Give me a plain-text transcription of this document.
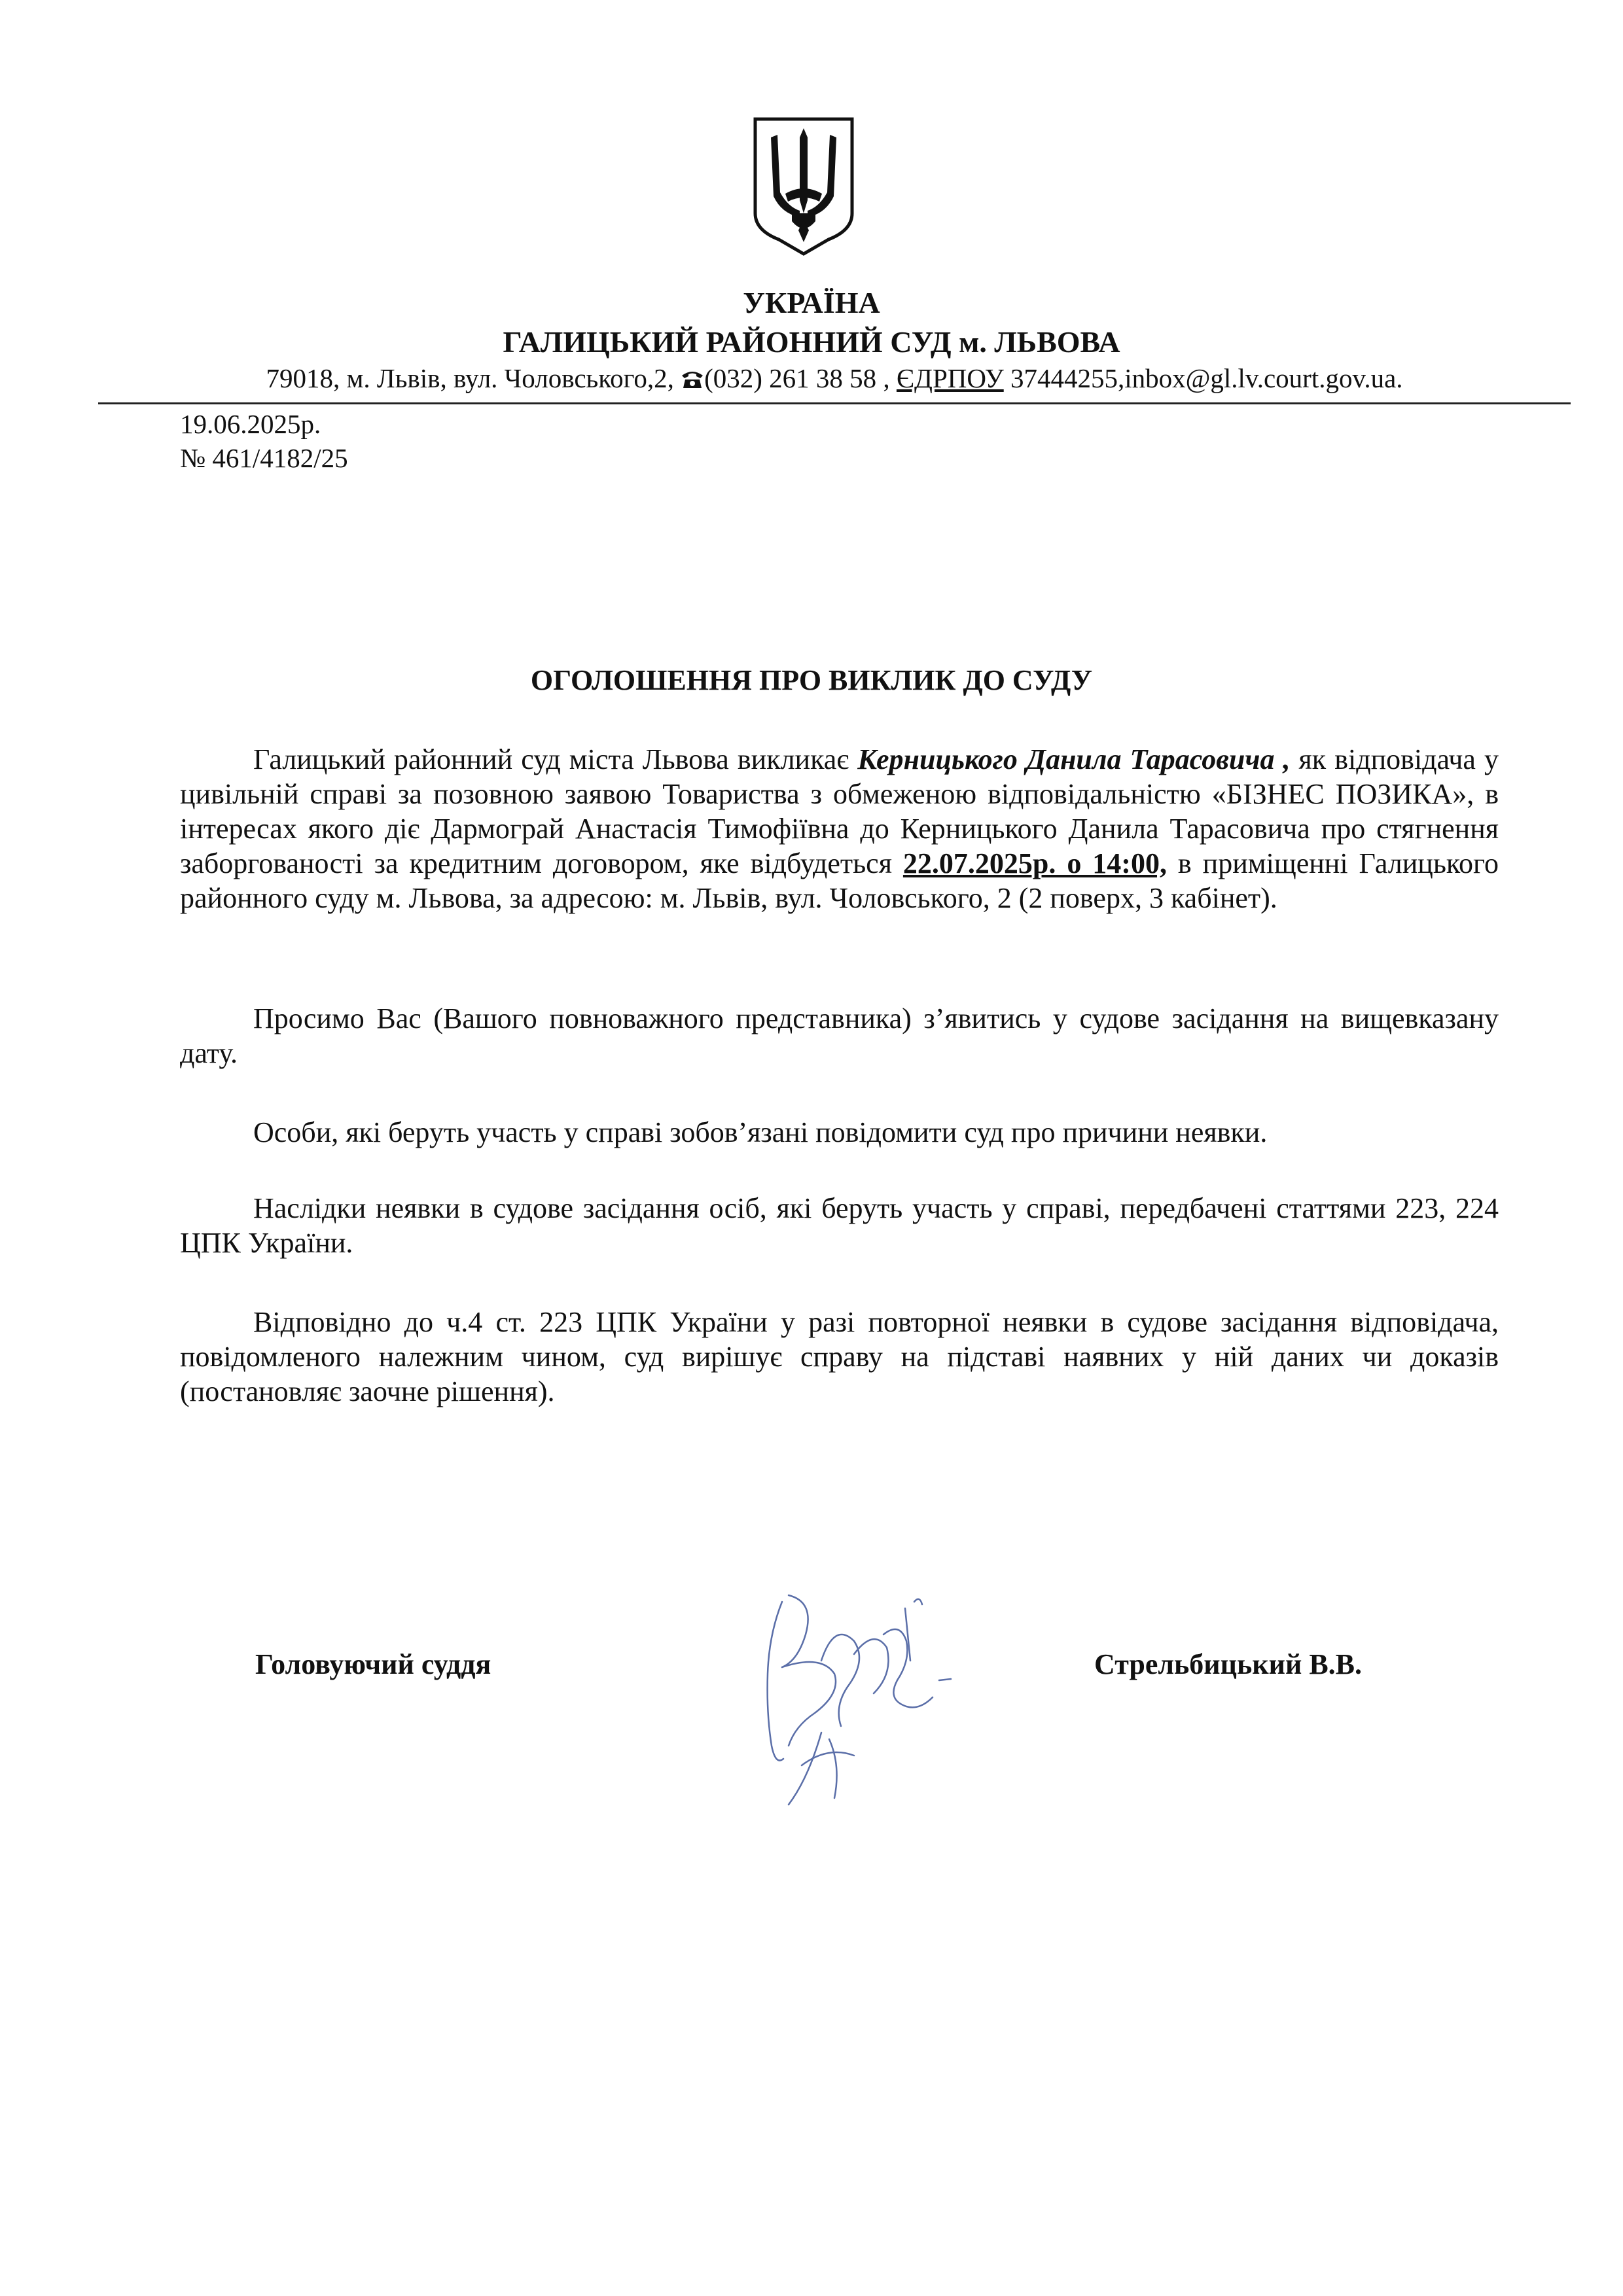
УКРАЇНА
ГАЛИЦЬКИЙ РАЙОННИЙ СУД м. ЛЬВОВА
79018, м. Львів, вул. Чоловського,2, (032) 261 38 58 , ЄДРПОУ 37444255,inbox@gl.lv.court.gov.ua.
19.06.2025р.
№ 461/4182/25
ОГОЛОШЕННЯ ПРО ВИКЛИК ДО СУДУ
Галицький районний суд міста Львова викликає Керницького Данила Тарасовича , як відповідача у цивільній справі за позовною заявою Товариства з обмеженою відповідальністю «БІЗНЕС ПОЗИКА», в інтересах якого діє Дармограй Анастасія Тимофіївна до Керницького Данила Тарасовича про стягнення заборгованості за кредитним договором, яке відбудеться 22.07.2025р. о 14:00, в приміщенні Галицького районного суду м. Львова, за адресою: м. Львів, вул. Чоловського, 2 (2 поверх, 3 кабінет).
Просимо Вас (Вашого повноважного представника) з’явитись у судове засідання на вищевказану дату.
Особи, які беруть участь у справі зобов’язані повідомити суд про причини неявки.
Наслідки неявки в судове засідання осіб, які беруть участь у справі, передбачені статтями 223, 224 ЦПК України.
Відповідно до ч.4 ст. 223 ЦПК України у разі повторної неявки в судове засідання відповідача, повідомленого належним чином, суд вирішує справу на підставі наявних у ній даних чи доказів (постановляє заочне рішення).
Головуючий суддя	Стрельбицький В.В.
